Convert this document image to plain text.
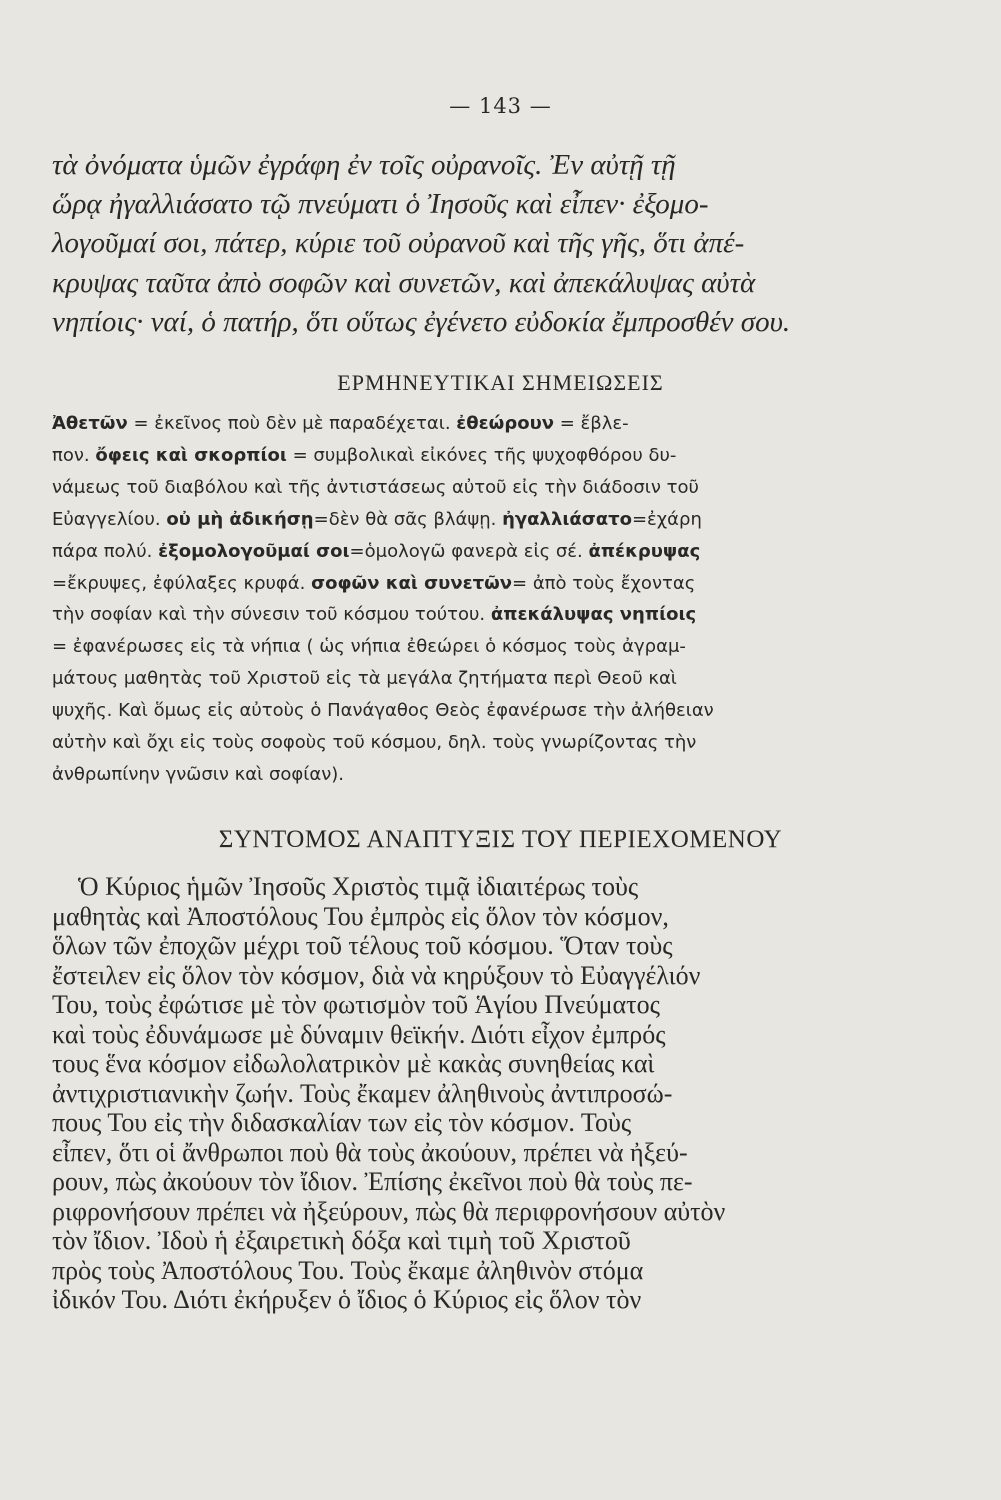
— 143 —
τὰ ὀνόματα ὑμῶν ἐγράφη ἐν τοῖς οὐρανοῖς. Ἐν αὐτῇ τῇ
ὥρᾳ ἠγαλλιάσατο τῷ πνεύματι ὁ Ἰησοῦς καὶ εἶπεν· ἐξομο-
λογοῦμαί σοι, πάτερ, κύριε τοῦ οὐρανοῦ καὶ τῆς γῆς, ὅτι ἀπέ-
κρυψας ταῦτα ἀπὸ σοφῶν καὶ συνετῶν, καὶ ἀπεκάλυψας αὐτὰ
νηπίοις· ναί, ὁ πατήρ, ὅτι οὕτως ἐγένετο εὐδοκία ἔμπροσθέν σου.
ΕΡΜΗΝΕΥΤΙΚΑΙ ΣΗΜΕΙΩΣΕΙΣ
Ἀθετῶν = ἐκεῖνος ποὺ δὲν μὲ παραδέχεται. ἐθεώρουν = ἔβλε-
πον. ὄφεις καὶ σκορπίοι = συμβολικαὶ εἰκόνες τῆς ψυχοφθόρου δυ-
νάμεως τοῦ διαβόλου καὶ τῆς ἀντιστάσεως αὐτοῦ εἰς τὴν διάδοσιν τοῦ
Εὐαγγελίου. οὐ μὴ ἀδικήσῃ=δὲν θὰ σᾶς βλάψῃ. ἠγαλλιάσατο=ἐχάρη
πάρα πολύ. ἐξομολογοῦμαί σοι=ὁμολογῶ φανερὰ εἰς σέ. ἀπέκρυψας
=ἔκρυψες, ἐφύλαξες κρυφά. σοφῶν καὶ συνετῶν= ἀπὸ τοὺς ἔχοντας
τὴν σοφίαν καὶ τὴν σύνεσιν τοῦ κόσμου τούτου. ἀπεκάλυψας νηπίοις
= ἐφανέρωσες εἰς τὰ νήπια ( ὡς νήπια ἐθεώρει ὁ κόσμος τοὺς ἀγραμ-
μάτους μαθητὰς τοῦ Χριστοῦ εἰς τὰ μεγάλα ζητήματα περὶ Θεοῦ καὶ
ψυχῆς. Καὶ ὅμως εἰς αὐτοὺς ὁ Πανάγαθος Θεὸς ἐφανέρωσε τὴν ἀλήθειαν
αὐτὴν καὶ ὄχι εἰς τοὺς σοφοὺς τοῦ κόσμου, δηλ. τοὺς γνωρίζοντας τὴν
ἀνθρωπίνην γνῶσιν καὶ σοφίαν).
ΣΥΝΤΟΜΟΣ ΑΝΑΠΤΥΞΙΣ ΤΟΥ ΠΕΡΙΕΧΟΜΕΝΟΥ
Ὁ Κύριος ἡμῶν Ἰησοῦς Χριστὸς τιμᾷ ἰδιαιτέρως τοὺς
μαθητὰς καὶ Ἀποστόλους Του ἐμπρὸς εἰς ὅλον τὸν κόσμον,
ὅλων τῶν ἐποχῶν μέχρι τοῦ τέλους τοῦ κόσμου. Ὅταν τοὺς
ἔστειλεν εἰς ὅλον τὸν κόσμον, διὰ νὰ κηρύξουν τὸ Εὐαγγέλιόν
Του, τοὺς ἐφώτισε μὲ τὸν φωτισμὸν τοῦ Ἁγίου Πνεύματος
καὶ τοὺς ἐδυνάμωσε μὲ δύναμιν θεϊκήν. Διότι εἶχον ἐμπρός
τους ἕνα κόσμον εἰδωλολατρικὸν μὲ κακὰς συνηθείας καὶ
ἀντιχριστιανικὴν ζωήν. Τοὺς ἔκαμεν ἀληθινοὺς ἀντιπροσώ-
πους Του εἰς τὴν διδασκαλίαν των εἰς τὸν κόσμον. Τοὺς
εἶπεν, ὅτι οἱ ἄνθρωποι ποὺ θὰ τοὺς ἀκούουν, πρέπει νὰ ἠξεύ-
ρουν, πὼς ἀκούουν τὸν ἴδιον. Ἐπίσης ἐκεῖνοι ποὺ θὰ τοὺς πε-
ριφρονήσουν πρέπει νὰ ἠξεύρουν, πὼς θὰ περιφρονήσουν αὐτὸν
τὸν ἴδιον. Ἰδοὺ ἡ ἐξαιρετικὴ δόξα καὶ τιμὴ τοῦ Χριστοῦ
πρὸς τοὺς Ἀποστόλους Του. Τοὺς ἔκαμε ἀληθινὸν στόμα
ἰδικόν Του. Διότι ἐκήρυξεν ὁ ἴδιος ὁ Κύριος εἰς ὅλον τὸν
